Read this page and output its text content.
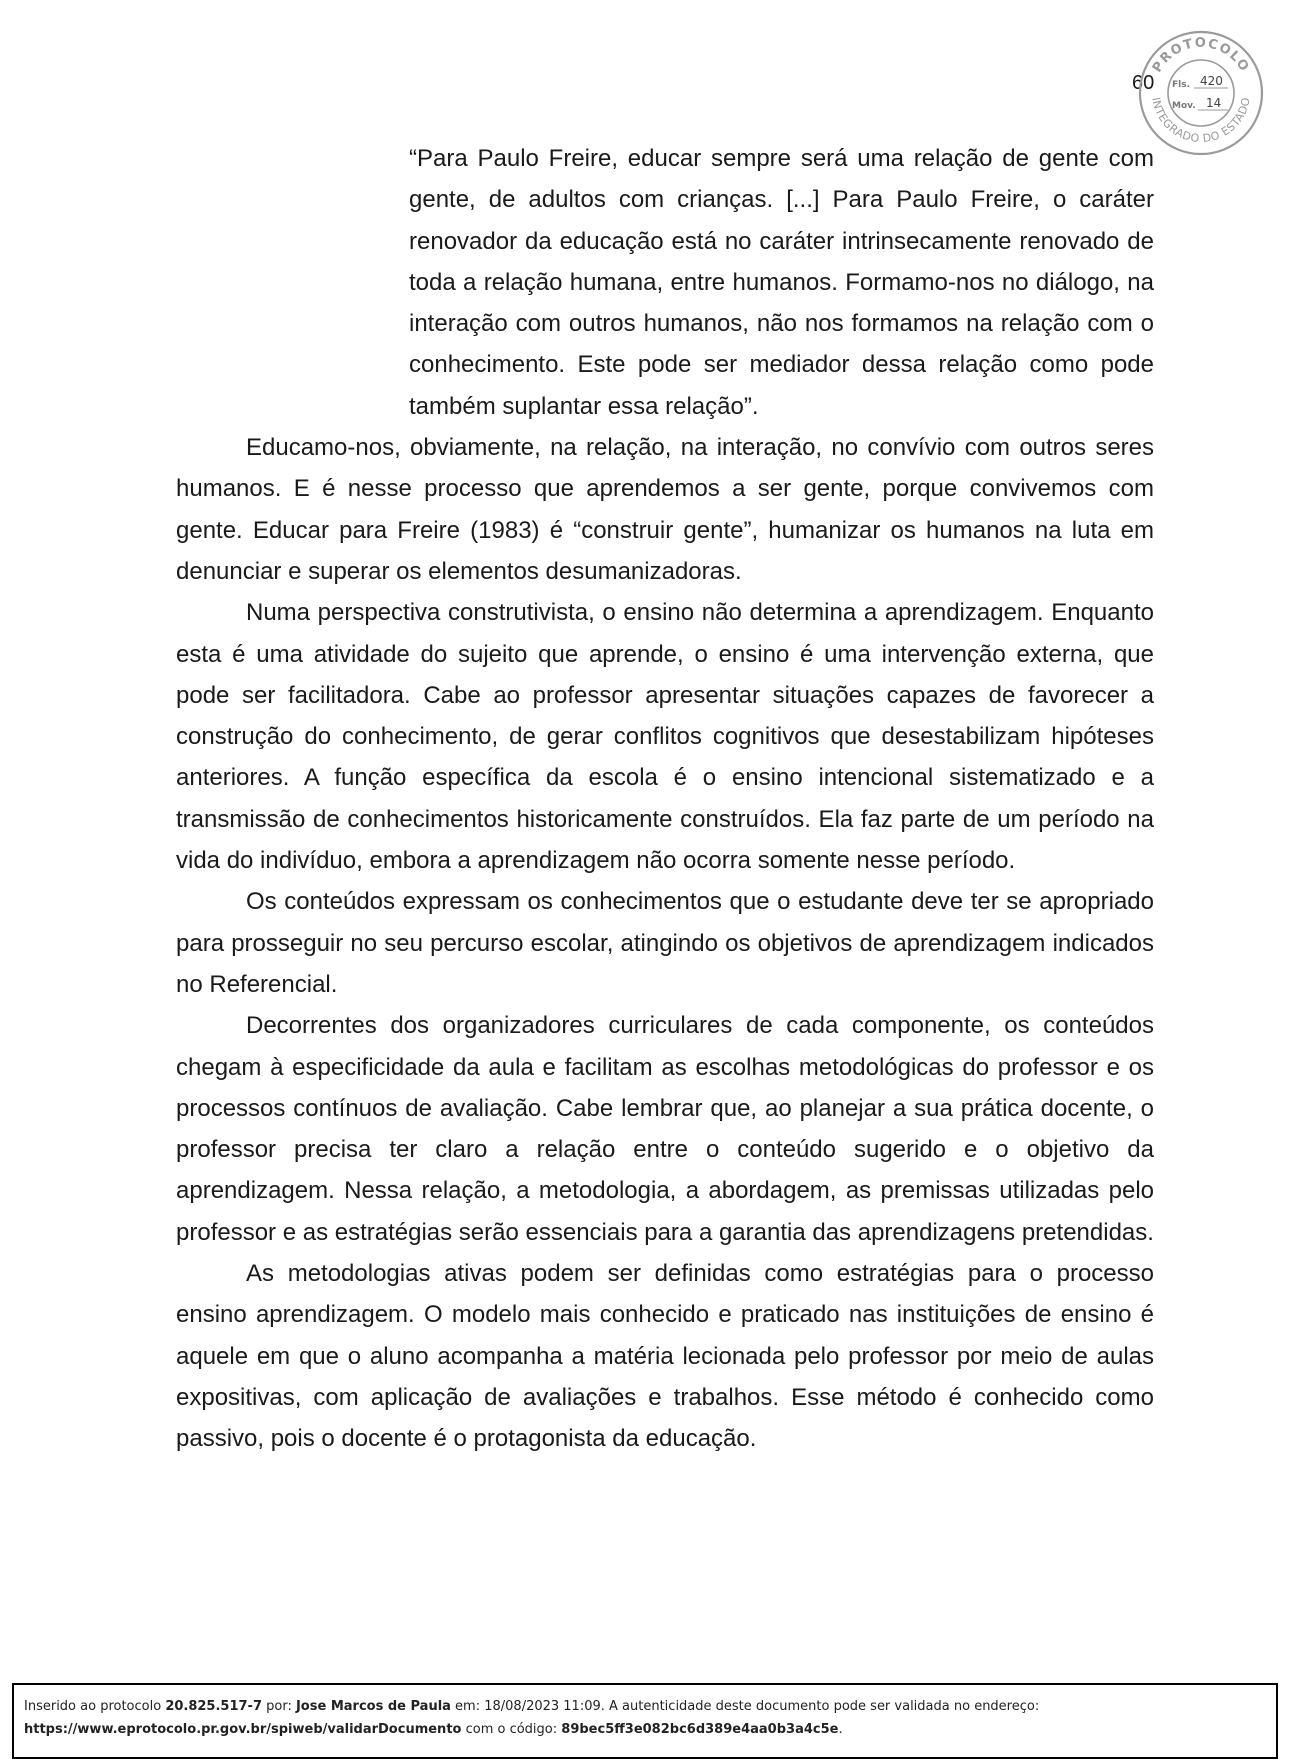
60
PROTOCOLO
INTEGRADO DO ESTADO
Fls. 420
Mov. 14

“Para Paulo Freire, educar sempre será uma relação de gente com gente, de adultos com crianças. [...] Para Paulo Freire, o caráter renovador da educação está no caráter intrinsecamente renovado de toda a relação humana, entre humanos. Formamo-nos no diálogo, na interação com outros humanos, não nos formamos na relação com o conhecimento. Este pode ser mediador dessa relação como pode também suplantar essa relação”.

Educamo-nos, obviamente, na relação, na interação, no convívio com outros seres humanos. E é nesse processo que aprendemos a ser gente, porque convivemos com gente. Educar para Freire (1983) é “construir gente”, humanizar os humanos na luta em denunciar e superar os elementos desumanizadoras.

Numa perspectiva construtivista, o ensino não determina a aprendizagem. Enquanto esta é uma atividade do sujeito que aprende, o ensino é uma intervenção externa, que pode ser facilitadora. Cabe ao professor apresentar situações capazes de favorecer a construção do conhecimento, de gerar conflitos cognitivos que desestabilizam hipóteses anteriores. A função específica da escola é o ensino intencional sistematizado e a transmissão de conhecimentos historicamente construídos. Ela faz parte de um período na vida do indivíduo, embora a aprendizagem não ocorra somente nesse período.

Os conteúdos expressam os conhecimentos que o estudante deve ter se apropriado para prosseguir no seu percurso escolar, atingindo os objetivos de aprendizagem indicados no Referencial.

Decorrentes dos organizadores curriculares de cada componente, os conteúdos chegam à especificidade da aula e facilitam as escolhas metodológicas do professor e os processos contínuos de avaliação. Cabe lembrar que, ao planejar a sua prática docente, o professor precisa ter claro a relação entre o conteúdo sugerido e o objetivo da aprendizagem. Nessa relação, a metodologia, a abordagem, as premissas utilizadas pelo professor e as estratégias serão essenciais para a garantia das aprendizagens pretendidas.

As metodologias ativas podem ser definidas como estratégias para o processo ensino aprendizagem. O modelo mais conhecido e praticado nas instituições de ensino é aquele em que o aluno acompanha a matéria lecionada pelo professor por meio de aulas expositivas, com aplicação de avaliações e trabalhos. Esse método é conhecido como passivo, pois o docente é o protagonista da educação.

Inserido ao protocolo 20.825.517-7 por: Jose Marcos de Paula em: 18/08/2023 11:09. A autenticidade deste documento pode ser validada no endereço:
https://www.eprotocolo.pr.gov.br/spiweb/validarDocumento com o código: 89bec5ff3e082bc6d389e4aa0b3a4c5e.
